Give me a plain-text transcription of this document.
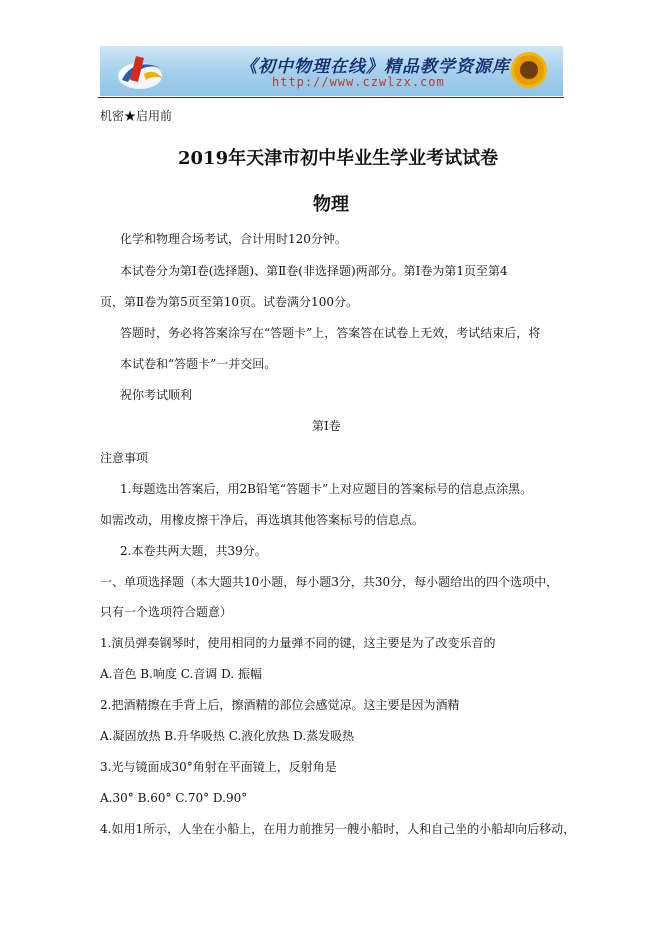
《初中物理在线》精品教学资源库
http://www.czwlzx.com
机密★启用前
2019年天津市初中毕业生学业考试试卷
物理
化学和物理合场考试，合计用时120分钟。
本试卷分为第Ⅰ卷(选择题)、第Ⅱ卷(非选择题)两部分。第Ⅰ卷为第1页至第4
页，第Ⅱ卷为第5页至第10页。试卷满分100分。
答题时，务必将答案涂写在“答题卡”上，答案答在试卷上无效，考试结束后，将
本试卷和“答题卡”一并交回。
祝你考试顺利
第Ⅰ卷
注意事项
1.每题选出答案后，用2B铅笔“答题卡”上对应题目的答案标号的信息点涂黑。
如需改动，用橡皮擦干净后，再选填其他答案标号的信息点。
2.本卷共两大题，共39分。
一、单项选择题（本大题共10小题，每小题3分，共30分，每小题给出的四个选项中，
只有一个选项符合题意）
1.演员弹奏钢琴时，使用相同的力量弹不同的键，这主要是为了改变乐音的
A.音色 B.响度 C.音调 D. 振幅
2.把酒精擦在手背上后，擦酒精的部位会感觉凉。这主要是因为酒精
A.凝固放热 B.升华吸热 C.液化放热 D.蒸发吸热
3.光与镜面成30°角射在平面镜上，反射角是
A.30° B.60° C.70° D.90°
4.如用1所示，人坐在小船上，在用力前推另一艘小船时，人和自己坐的小船却向后移动，
